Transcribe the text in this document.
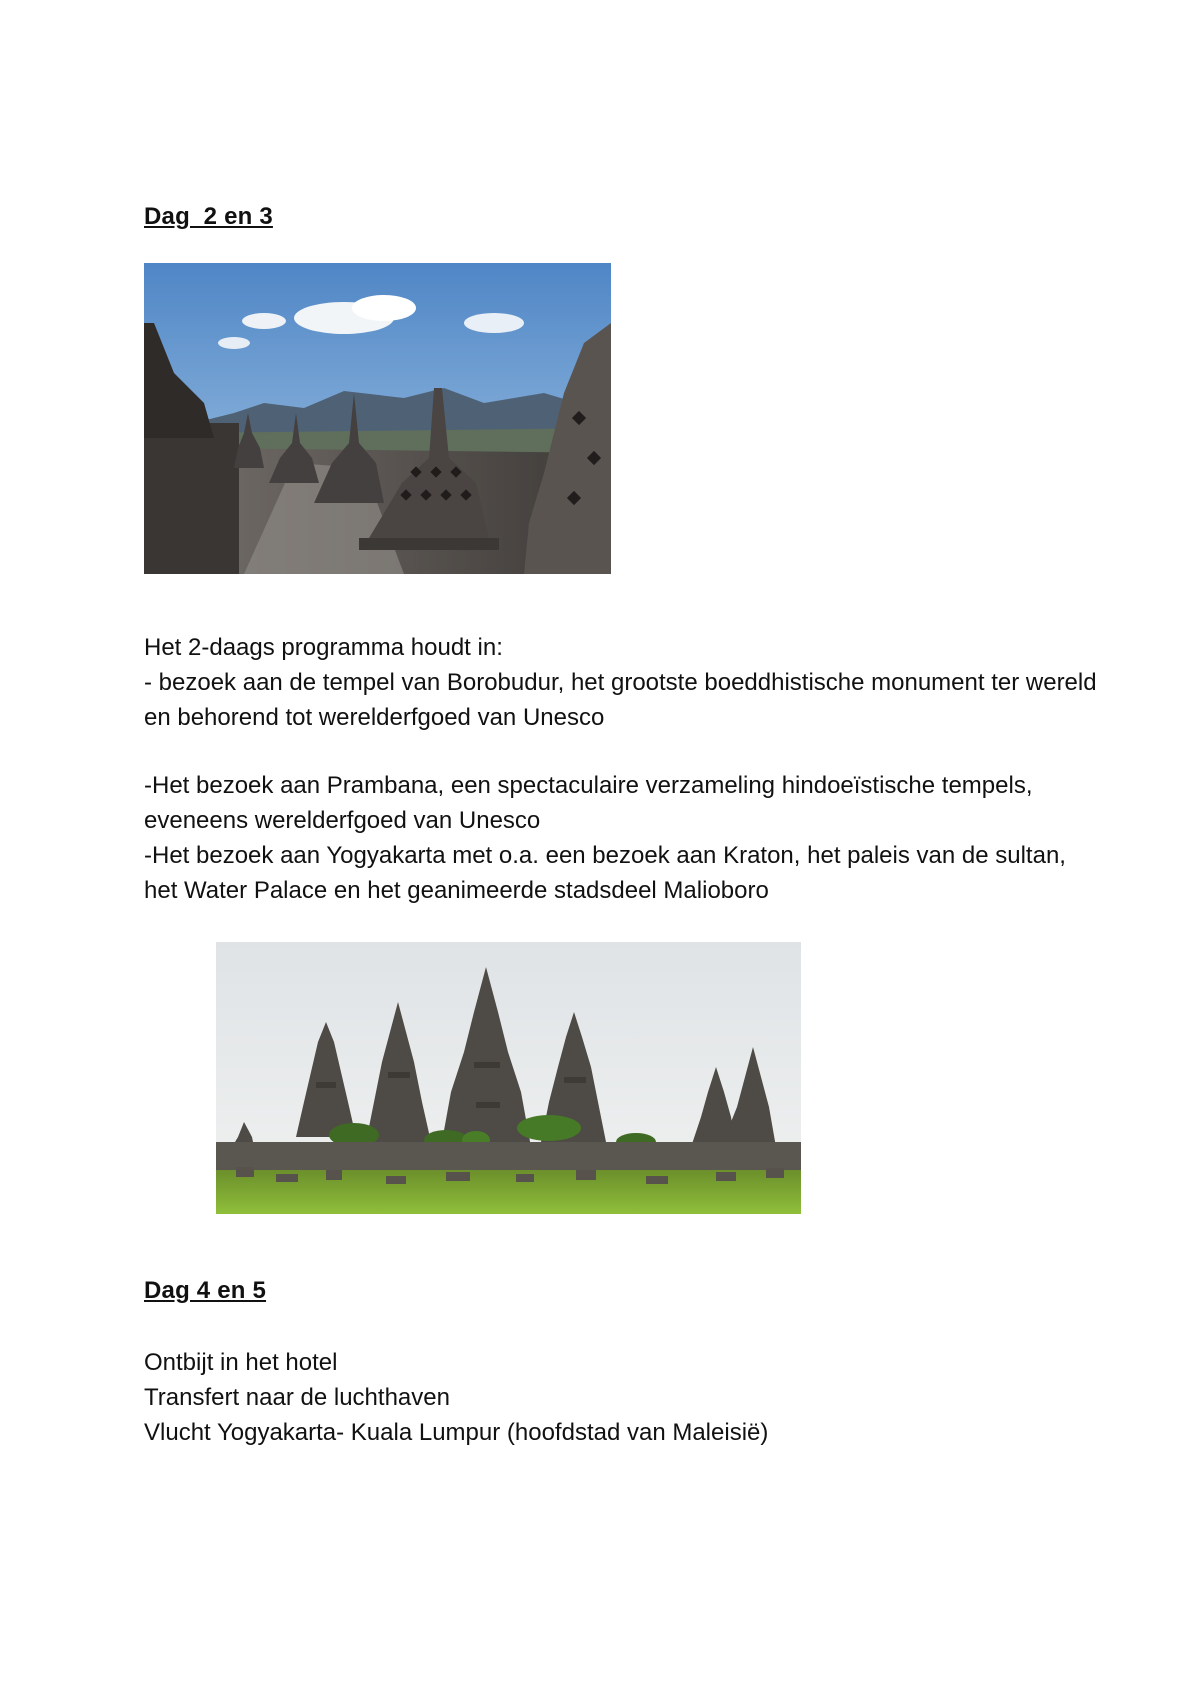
Dag  2 en 3
Het 2-daags programma houdt in:
- bezoek aan de tempel van Borobudur, het grootste boeddhistische monument ter wereld en behorend tot werelderfgoed van Unesco
-Het bezoek aan Prambana, een spectaculaire verzameling hindoeïstische tempels, eveneens werelderfgoed van Unesco
-Het bezoek aan Yogyakarta met o.a. een bezoek aan Kraton, het paleis van de sultan, het Water Palace en het geanimeerde stadsdeel Malioboro
Dag 4 en 5
Ontbijt in het hotel
Transfert naar de luchthaven
Vlucht Yogyakarta- Kuala Lumpur (hoofdstad van Maleisië)
